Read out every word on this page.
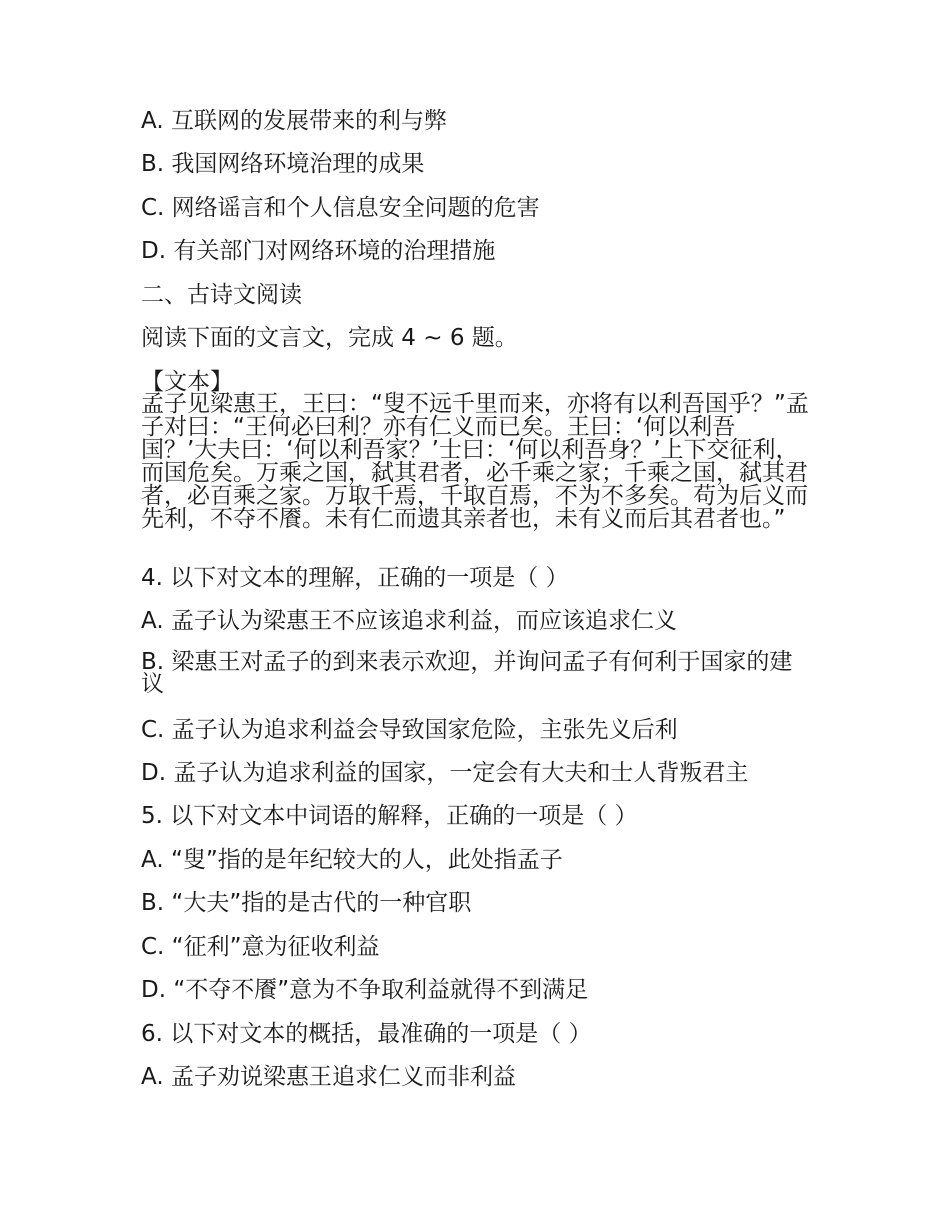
A. 互联网的发展带来的利与弊
B. 我国网络环境治理的成果
C. 网络谣言和个人信息安全问题的危害
D. 有关部门对网络环境的治理措施
二、古诗文阅读
阅读下面的文言文，完成 4 ~ 6 题。
【文本】
孟子见梁惠王，王曰：“叟不远千里而来，亦将有以利吾国乎？”孟子对曰：“王何必曰利？亦有仁义而已矣。王曰：‘何以利吾国？’大夫曰：‘何以利吾家？’士曰：‘何以利吾身？’上下交征利，而国危矣。万乘之国，弑其君者，必千乘之家；千乘之国，弑其君者，必百乘之家。万取千焉，千取百焉，不为不多矣。苟为后义而先利，不夺不餍。未有仁而遗其亲者也，未有义而后其君者也。”
4. 以下对文本的理解，正确的一项是（ ）
A. 孟子认为梁惠王不应该追求利益，而应该追求仁义
B. 梁惠王对孟子的到来表示欢迎，并询问孟子有何利于国家的建议
C. 孟子认为追求利益会导致国家危险，主张先义后利
D. 孟子认为追求利益的国家，一定会有大夫和士人背叛君主
5. 以下对文本中词语的解释，正确的一项是（ ）
A. “叟”指的是年纪较大的人，此处指孟子
B. “大夫”指的是古代的一种官职
C. “征利”意为征收利益
D. “不夺不餍”意为不争取利益就得不到满足
6. 以下对文本的概括，最准确的一项是（ ）
A. 孟子劝说梁惠王追求仁义而非利益
